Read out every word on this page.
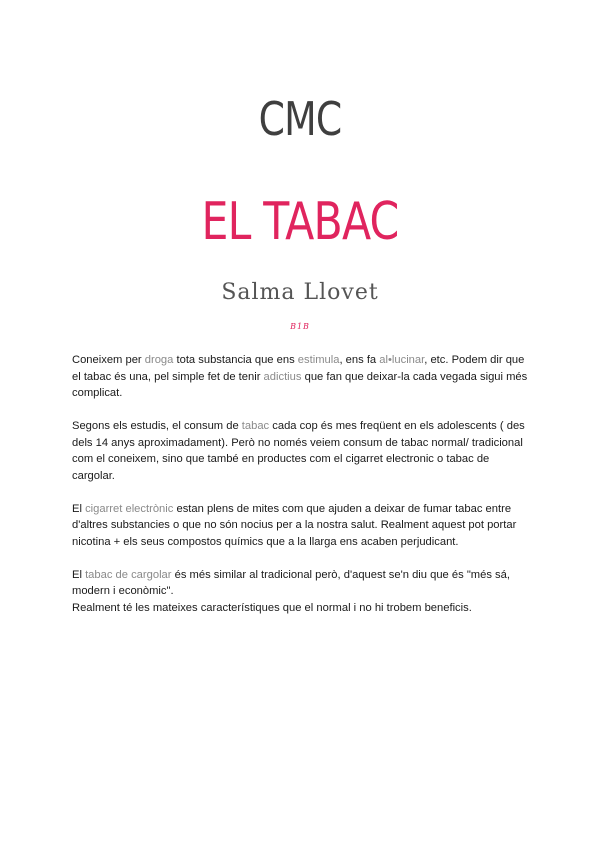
CMC
EL TABAC
Salma Llovet
B1B

Coneixem per droga tota substancia que ens estimula, ens fa al•lucinar, etc. Podem dir que el tabac és una, pel simple fet de tenir adictius que fan que deixar-la cada vegada sigui més complicat.

Segons els estudis, el consum de tabac cada cop és mes freqüent en els adolescents ( des dels 14 anys aproximadament). Però no només veiem consum de tabac normal/ tradicional com el coneixem, sino que també en productes com el cigarret electronic o tabac de cargolar.

El cigarret electrònic estan plens de mites com que ajuden a deixar de fumar tabac entre d'altres substancies o que no són nocius per a la nostra salut. Realment aquest pot portar nicotina + els seus compostos químics que a la llarga ens acaben perjudicant.

El tabac de cargolar és més similar al tradicional però, d'aquest se'n diu que és "més sá, modern i econòmic".
Realment té les mateixes característiques que el normal i no hi trobem beneficis.
